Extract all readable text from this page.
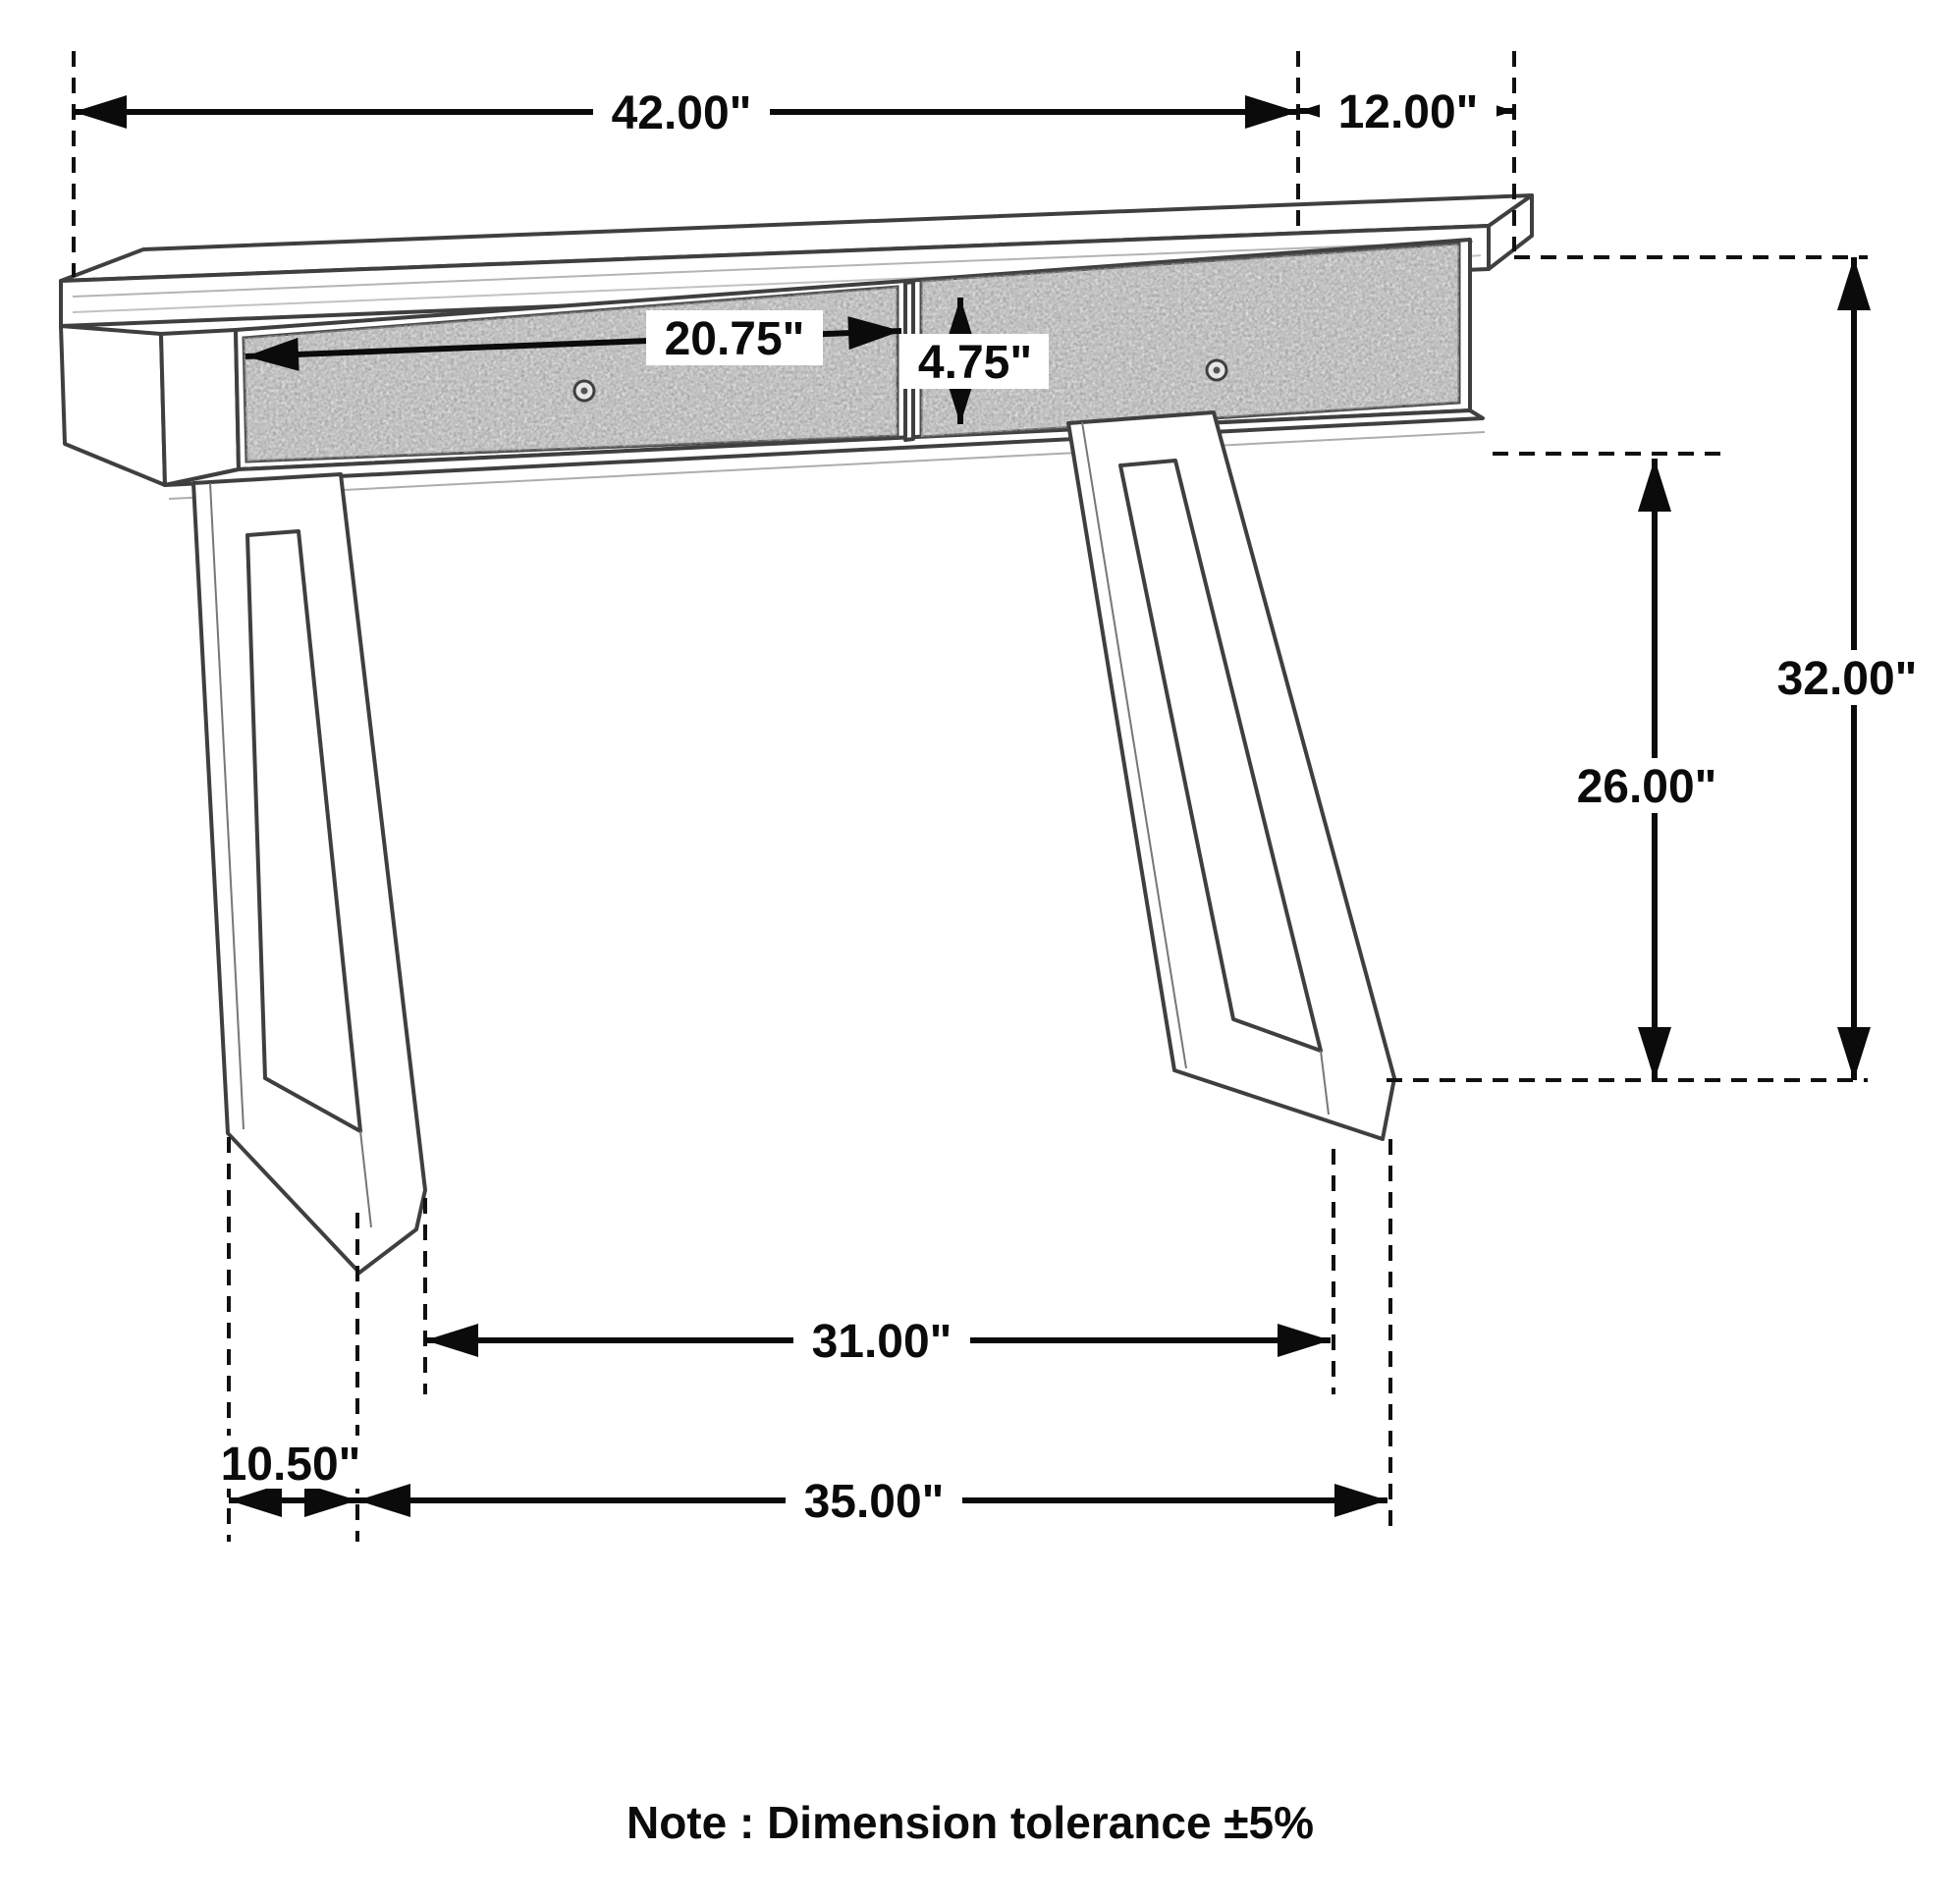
42.00"	12.00"
20.75" 4.75"
32.00"
26.00"
31.00"
10.50"
35.00"
Note : Dimension tolerance ±5%
